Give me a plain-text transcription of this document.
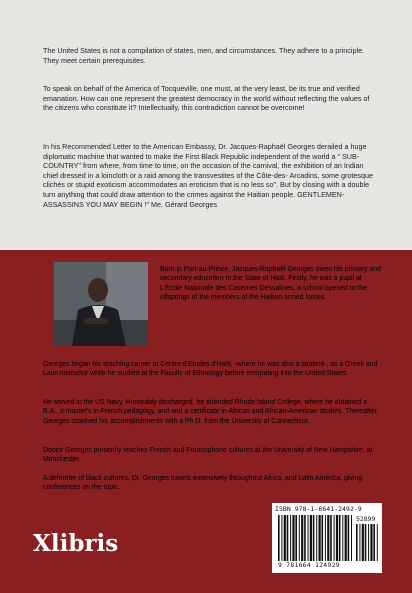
The United States is not a compilation of states, men, and circumstances. They adhere to a principle. They meet certain prerequisites.

To speak on behalf of the America of Tocqueville, one must, at the very least, be its true and verified emanation. How can one represent the greatest democracy in the world without reflecting the values of the citizens who constitute it? Intellectually, this contradiction cannot be overcome!

In his Recommended Letter to the American Embassy, Dr. Jacques-Raphaël Georges derailed a huge diplomatic machine that wanted to make the First Black Republic independent of the world a " SUB-COUNTRY" from where, from time to time, on the occasion of the carnival, the exhibition of an Indian chief dressed in a loincloth or a raid among the transvestites of the Côte-des- Arcadins, some grotesque clichés or stupid exoticism accommodates an eroticism that is no less so". But by closing with a double turn anything that could draw attention to the crimes against the Haitian people. GENTLEMEN- ASSASSINS YOU MAY BEGIN !" Me. Gérard Georges

Born in Port-au-Prince, Jacques-Raphaël Georges owes his primary and secondary education to the State of Haïti. Firstly, he was a pupil at L'École Nationale des Casernes Dessalines, a school opened to the offsprings of the members of the Haitian armed forces.

Georges began his teaching career at Centre d'Etudes d'Haïti, -where he was also a student-, as a Greek and Latin instructor while he studied at the Faculty of Ethnology before emigrating into the United States.

He served in the US Navy. Honorably discharged, he attended Rhode Island College, where he obtained a B.A., a master's in French pedagogy, and and a certificate in African and African-American studies. Thereafter, Georges crowned his accomplishments with a Ph.D. from the University of Connecticut.

Doctor Georges presently teaches French and Francophone cultures at the University of New Hampshire, at Manchester.

A defender of black cultures, Dr. Georges travels extensively throughout Africa, and Latin America, giving conferences on the topic.

Xlibris
ISBN 978-1-6641-2492-9
52899
9 781664 124929
